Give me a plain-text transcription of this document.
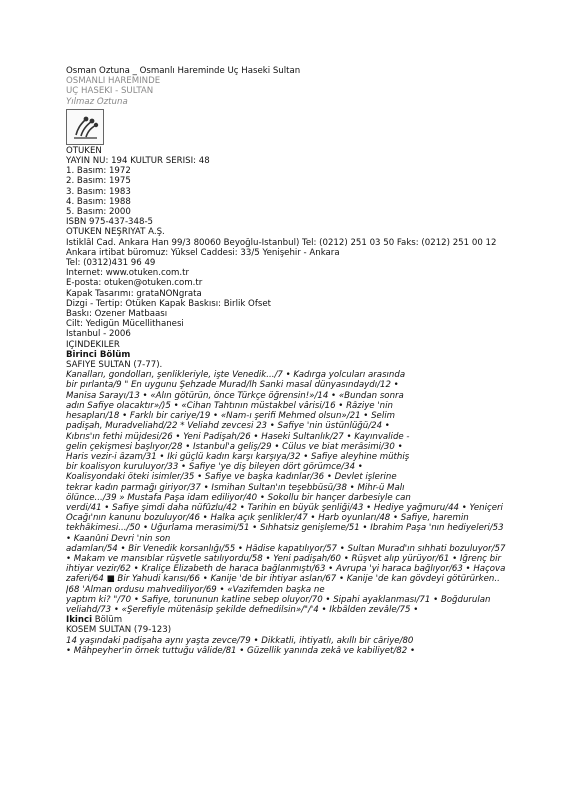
Osman Öztuna _ Osmanlı Hareminde Üç Haseki Sultan
OSMANLI HAREMİNDE
ÜÇ HASEKİ - SULTAN
Yılmaz Öztuna
ÖTÜKEN
YAYIN NU: 194 KÜLTÜR SERİSİ: 48
1. Basım: 1972
2. Basım: 1975
3. Basım: 1983
4. Basım: 1988
5. Basım: 2000
ISBN 975-437-348-5
ÖTÜKEN NEŞRİYAT A.Ş.
İstiklâl Cad. Ankara Han 99/3 80060 Beyoğlu-İstanbul) Tel: (0212) 251 03 50 Faks: (0212) 251 00 12
Ankara irtibat büromuz: Yüksel Caddesi: 33/5 Yenişehir - Ankara
Tel: (0312)431 96 49
İnternet: www.otuken.com.tr
E-posta: otuken@otuken.com.tr
Kapak Tasarımı: grataNONgrata
Dizgi - Tertip: Ötüken Kapak Baskısı: Birlik Ofset
Baskı: Özener Matbaası
Cilt: Yedigün Mücellithanesi
İstanbul - 2006
İÇİNDEKİLER
Birinci Bölüm
SAFİYE SULTAN (7-77).
Kanalları, gondolları, şenlikleriyle, işte Venedik.../7 • Kadırga yolcuları arasında
bir pırlanta/9 " En uygunu Şehzade Murad/lh Sanki masal dünyasındaydı/12 •
Manisa Sarayı/13 • «Alın götürün, önce Türkçe öğrensin!»/14 • «Bundan sonra
adın Safiye olacaktır»/)5 • «Cihan Tahtının müstakbel vârisi/16 • Râziye 'nin
hesapları/18 • Farklı bir cariye/19 • «Nam-ı şerifi Mehmed olsun»/21 • Selim
padişah, Muradveliahd/22 * Veliahd zevcesi 23 • Safiye 'nin üstünlüğü/24 •
Kıbrıs'ın fethi müjdesi/26 • Yeni Padişah/26 • Haseki Sultanlık/27 • Kayınvalide -
gelin çekişmesi başlıyor/28 • İstanbul'a geliş/29 • Cülus ve biat merâsimi/30 •
Haris vezir-i âzam/31 • İki güçlü kadın karşı karşıya/32 • Safiye aleyhine müthiş
bir koalisyon kuruluyor/33 • Safiye 'ye diş bileyen dört görümce/34 •
Koalisyondaki öteki isimler/35 • Safiye ve başka kadınlar/36 • Devlet işlerine
tekrar kadın parmağı giriyor/37 • İsmihan Sultan'ın teşebbüsü/38 • Mihr-ü Malı
ölünce.../39 » Mustafa Paşa idam ediliyor/40 • Sokollu bir hançer darbesiyle can
verdi/41 • Safiye şimdi daha nüfûzlu/42 • Tarihin en büyük şenliği/43 • Hediye yağmuru/44 • Yeniçeri
Ocağı'nın kanunu bozuluyor/46 • Halka açık şenlikler/47 • Harb oyunları/48 • Safiye, haremin
tekhâkimesi.../50 • Uğurlama merasimi/51 • Sıhhatsiz genişleme/51 • İbrahim Paşa 'nın hediyeleri/53
• Kaanûni Devri 'nin son
adamları/54 • Bir Venedik korsanlığı/55 • Hâdise kapatılıyor/57 • Sultan Murad'ın sıhhati bozuluyor/57
• Makam ve mansıblar rüşvetle satılıyordu/58 • Yeni padişah/60 • Rüşvet alıp yürüyor/61 • İğrenç bir
ihtiyar vezir/62 • Kraliçe Elizabeth de haraca bağlanmıştı/63 • Avrupa 'yi haraca bağlıyor/63 • Haçova
zaferi/64 ■ Bir Yahudi karısı/66 • Kanije 'de bir ihtiyar aslan/67 • Kanije 'de kan gövdeyi götürürken..
J68 'Alman ordusu mahvediliyor/69 • «Vazifemden başka ne
yaptım ki? "/70 • Safiye, torununun katline sebep oluyor/70 • Sipahi ayaklanması/71 • Boğdurulan
veliahd/73 • «Şerefiyle mütenâsip şekilde defnedilsin»/"/'4 • İkbâlden zevâle/75 •
İkinci Bölüm
KÖSEM SULTAN (79-123)
14 yaşındaki padişaha aynı yaşta zevce/79 • Dikkatli, ihtiyatlı, akıllı bir câriye/80
• Mâhpeyher'in örnek tuttuğu vâlide/81 • Güzellik yanında zekâ ve kabiliyet/82 •
